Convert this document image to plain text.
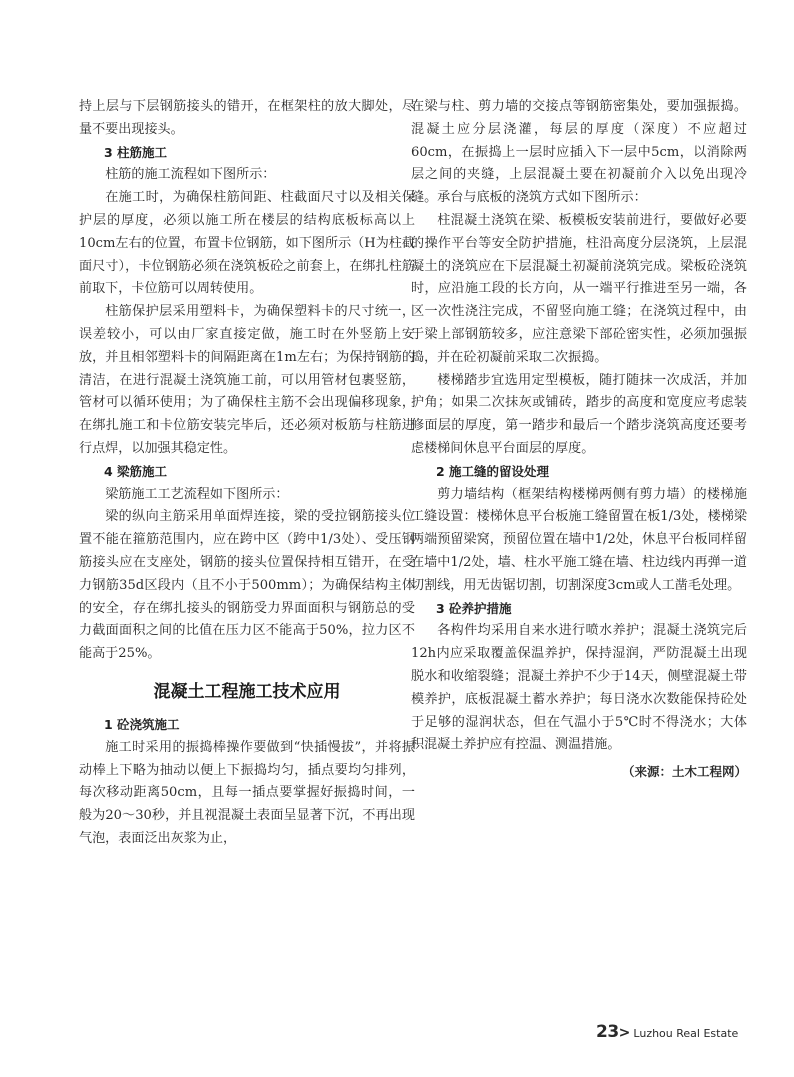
持上层与下层钢筋接头的错开，在框架柱的放大脚处，尽量不要出现接头。

3 柱筋施工

柱筋的施工流程如下图所示：

在施工时，为确保柱筋间距、柱截面尺寸以及相关保护层的厚度，必须以施工所在楼层的结构底板标高以上10cm左右的位置，布置卡位钢筋，如下图所示（H为柱截面尺寸），卡位钢筋必须在浇筑板砼之前套上，在绑扎柱筋前取下，卡位筋可以周转使用。

柱筋保护层采用塑料卡，为确保塑料卡的尺寸统一，误差较小，可以由厂家直接定做，施工时在外竖筋上安放，并且相邻塑料卡的间隔距离在1m左右；为保持钢筋的清洁，在进行混凝土浇筑施工前，可以用管材包裹竖筋，管材可以循环使用；为了确保柱主筋不会出现偏移现象，在绑扎施工和卡位筋安装完毕后，还必须对板筋与柱筋进行点焊，以加强其稳定性。

4 梁筋施工

梁筋施工工艺流程如下图所示：

梁的纵向主筋采用单面焊连接，梁的受拉钢筋接头位置不能在箍筋范围内，应在跨中区（跨中1/3处）、受压钢筋接头应在支座处，钢筋的接头位置保持相互错开，在受力钢筋35d区段内（且不小于500mm）；为确保结构主体的安全，存在绑扎接头的钢筋受力界面面积与钢筋总的受力截面面积之间的比值在压力区不能高于50%，拉力区不能高于25%。

混凝土工程施工技术应用
1 砼浇筑施工

施工时采用的振捣棒操作要做到“快插慢拔”，并将振动棒上下略为抽动以便上下振捣均匀，插点要均匀排列，每次移动距离50cm，且每一插点要掌握好振捣时间，一般为20～30秒，并且视混凝土表面呈显著下沉，不再出现气泡，表面泛出灰浆为止，

在梁与柱、剪力墙的交接点等钢筋密集处，要加强振捣。混凝土应分层浇灌，每层的厚度（深度）不应超过60cm，在振捣上一层时应插入下一层中5cm，以消除两层之间的夹缝，上层混凝土要在初凝前介入以免出现冷缝。承台与底板的浇筑方式如下图所示：

柱混凝土浇筑在梁、板模板安装前进行，要做好必要的操作平台等安全防护措施，柱沿高度分层浇筑，上层混凝土的浇筑应在下层混凝土初凝前浇筑完成。梁板砼浇筑时，应沿施工段的长方向，从一端平行推进至另一端，各区一次性浇注完成，不留竖向施工缝；在浇筑过程中，由于梁上部钢筋较多，应注意梁下部砼密实性，必须加强振捣，并在砼初凝前采取二次振捣。

楼梯踏步宜选用定型模板，随打随抹一次成活，并加护角；如果二次抹灰或铺砖，踏步的高度和宽度应考虑装修面层的厚度，第一踏步和最后一个踏步浇筑高度还要考虑楼梯间休息平台面层的厚度。

2 施工缝的留设处理

剪力墙结构（框架结构楼梯两侧有剪力墙）的楼梯施工缝设置：楼梯休息平台板施工缝留置在板1/3处，楼梯梁两端预留梁窝，预留位置在墙中1/2处，休息平台板同样留在墙中1/2处，墙、柱水平施工缝在墙、柱边线内再弹一道切割线，用无齿锯切割，切割深度3cm或人工凿毛处理。

3 砼养护措施

各构件均采用自来水进行喷水养护；混凝土浇筑完后12h内应采取覆盖保温养护，保持湿润，严防混凝土出现脱水和收缩裂缝；混凝土养护不少于14天，侧壁混凝土带模养护，底板混凝土蓄水养护；每日浇水次数能保持砼处于足够的湿润状态，但在气温小于5℃时不得浇水；大体积混凝土养护应有控温、测温措施。

（来源：土木工程网）

23> Luzhou Real Estate
